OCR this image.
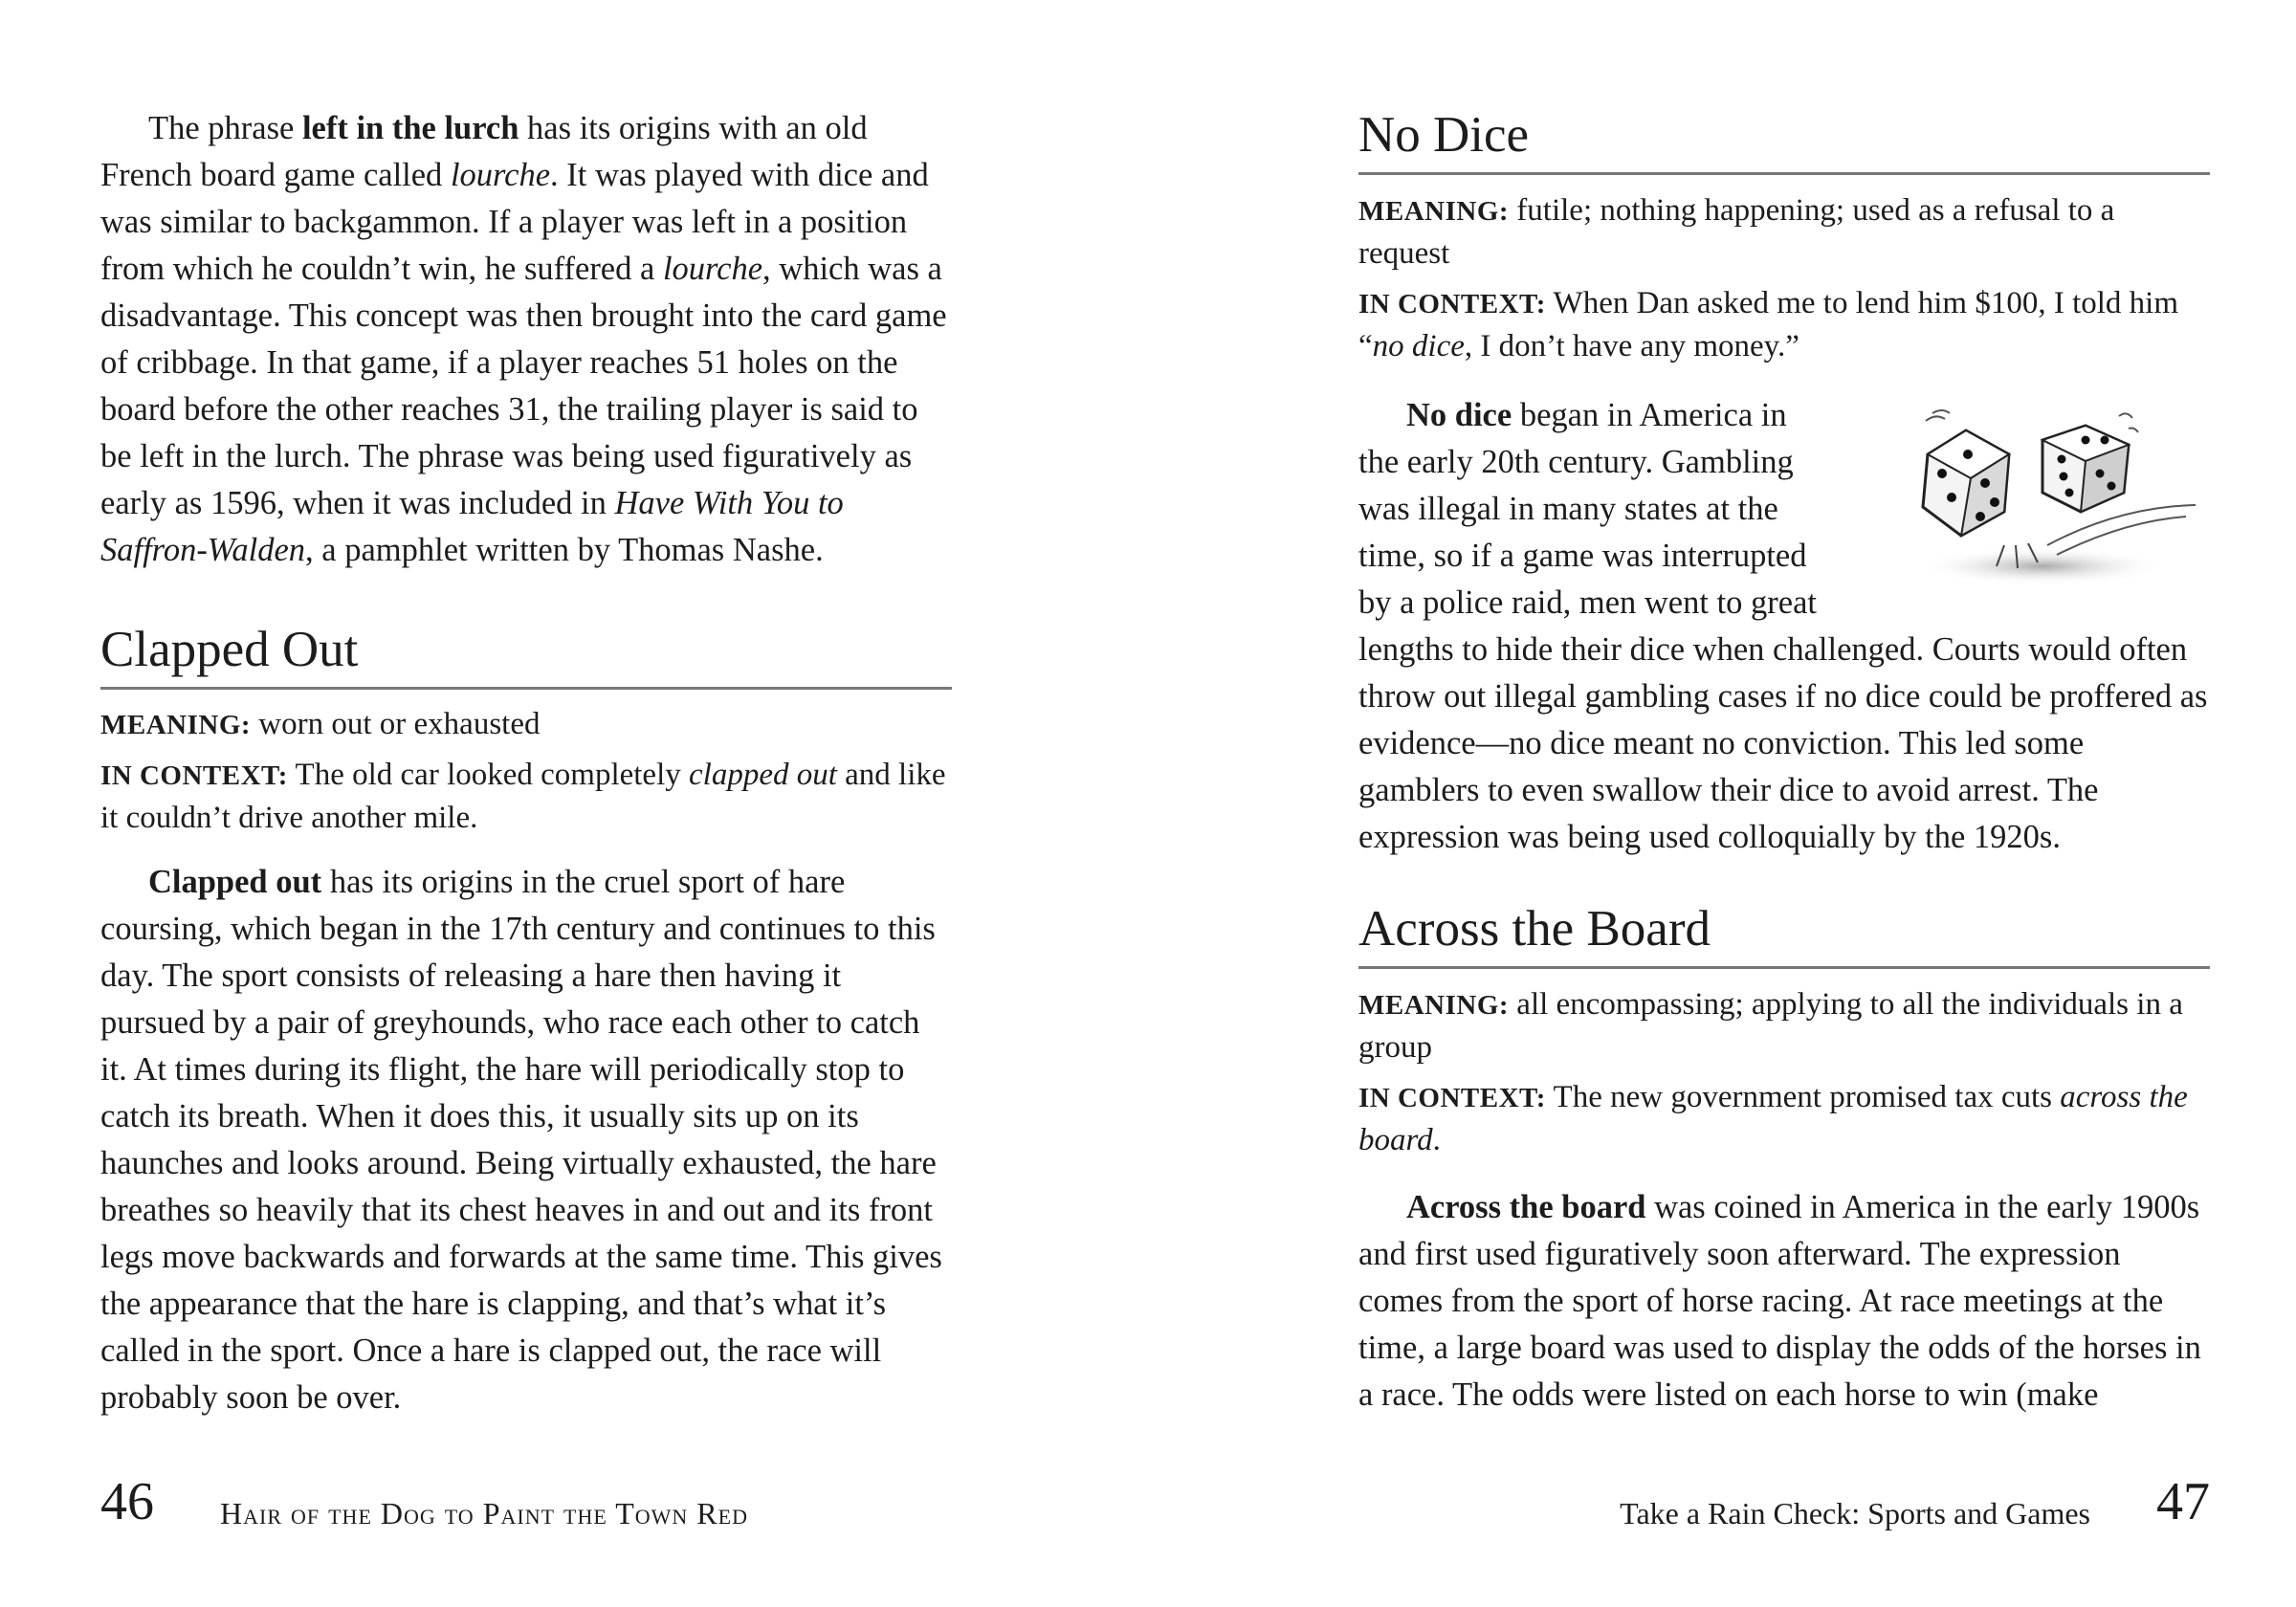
The phrase left in the lurch has its origins with an old French board game called lourche. It was played with dice and was similar to backgammon. If a player was left in a position from which he couldn’t win, he suffered a lourche, which was a disadvantage. This concept was then brought into the card game of cribbage. In that game, if a player reaches 51 holes on the board before the other reaches 31, the trailing player is said to be left in the lurch. The phrase was being used figuratively as early as 1596, when it was included in Have With You to Saffron-Walden, a pamphlet written by Thomas Nashe.

Clapped Out

MEANING: worn out or exhausted

IN CONTEXT: The old car looked completely clapped out and like it couldn’t drive another mile.

Clapped out has its origins in the cruel sport of hare coursing, which began in the 17th century and continues to this day. The sport consists of releasing a hare then having it pursued by a pair of greyhounds, who race each other to catch it. At times during its flight, the hare will periodically stop to catch its breath. When it does this, it usually sits up on its haunches and looks around. Being virtually exhausted, the hare breathes so heavily that its chest heaves in and out and its front legs move backwards and forwards at the same time. This gives the appearance that the hare is clapping, and that’s what it’s called in the sport. Once a hare is clapped out, the race will probably soon be over.

46 Hair of the Dog to Paint the Town Red
No Dice

MEANING: futile; nothing happening; used as a refusal to a request

IN CONTEXT: When Dan asked me to lend him $100, I told him “no dice, I don’t have any money.”

No dice began in America in

the early 20th century. Gambling

was illegal in many states at the

time, so if a game was interrupted

by a police raid, men went to great

lengths to hide their dice when challenged. Courts would often throw out illegal gambling cases if no dice could be proffered as evidence—no dice meant no conviction. This led some gamblers to even swallow their dice to avoid arrest. The expression was being used colloquially by the 1920s.

Across the Board

MEANING: all encompassing; applying to all the individuals in a group

IN CONTEXT: The new government promised tax cuts across the board.

Across the board was coined in America in the early 1900s and first used figuratively soon afterward. The expression comes from the sport of horse racing. At race meetings at the time, a large board was used to display the odds of the horses in a race. The odds were listed on each horse to win (make

Take a Rain Check: Sports and Games 47
